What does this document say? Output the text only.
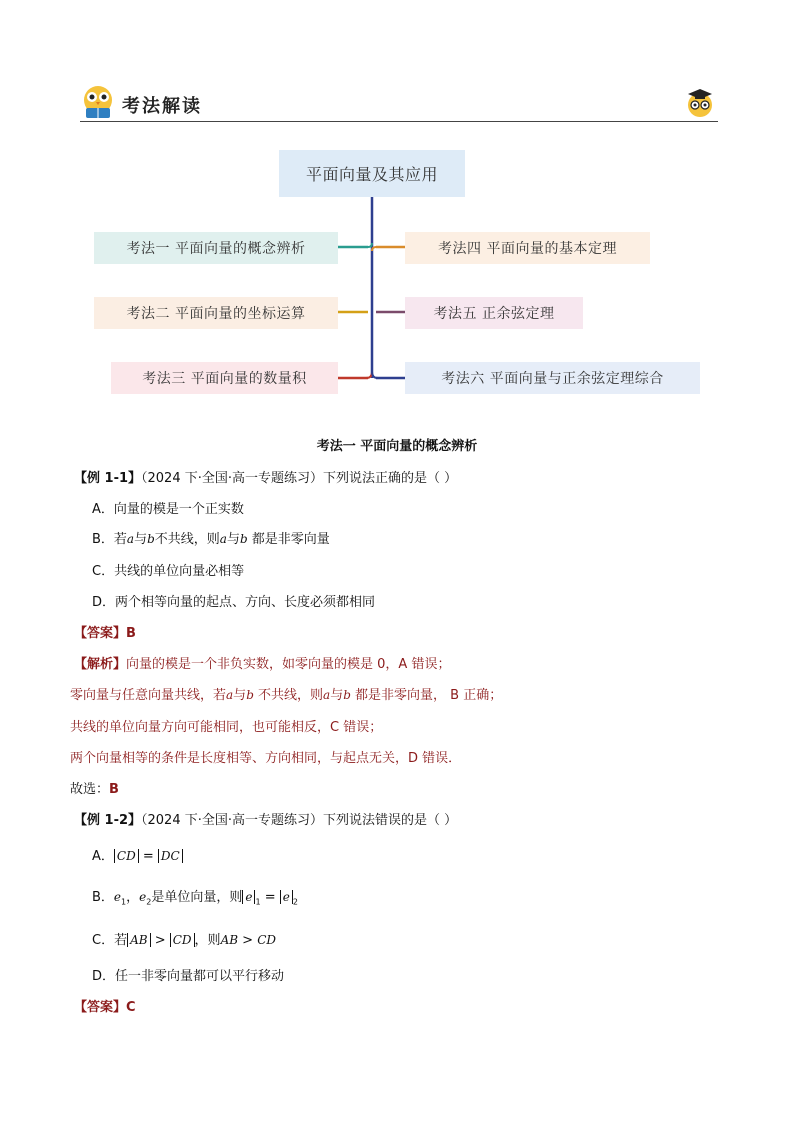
考法解读
平面向量及其应用
考法一 平面向量的概念辨析
考法二 平面向量的坐标运算
考法三 平面向量的数量积
考法四 平面向量的基本定理
考法五 正余弦定理
考法六 平面向量与正余弦定理综合
考法一 平面向量的概念辨析
【例 1-1】（2024 下·全国·高一专题练习）下列说法正确的是（ ）
A．向量的模是一个正实数
B．若a与b不共线，则a与b 都是非零向量
C．共线的单位向量必相等
D．两个相等向量的起点、方向、长度必须都相同
【答案】B
【解析】向量的模是一个非负实数，如零向量的模是 0，A 错误；
零向量与任意向量共线，若a与b 不共线，则a与b 都是非零向量， B 正确；
共线的单位向量方向可能相同，也可能相反，C 错误；
两个向量相等的条件是长度相等、方向相同，与起点无关，D 错误．
故选：B
【例 1-2】（2024 下·全国·高一专题练习）下列说法错误的是（ ）
A． CD = DC
B．$e_1$，$e_2$是单位向量，则 e $_1$ = e $_2$
C．若 AB > CD ，则AB > CD
D．任一非零向量都可以平行移动
【答案】C
